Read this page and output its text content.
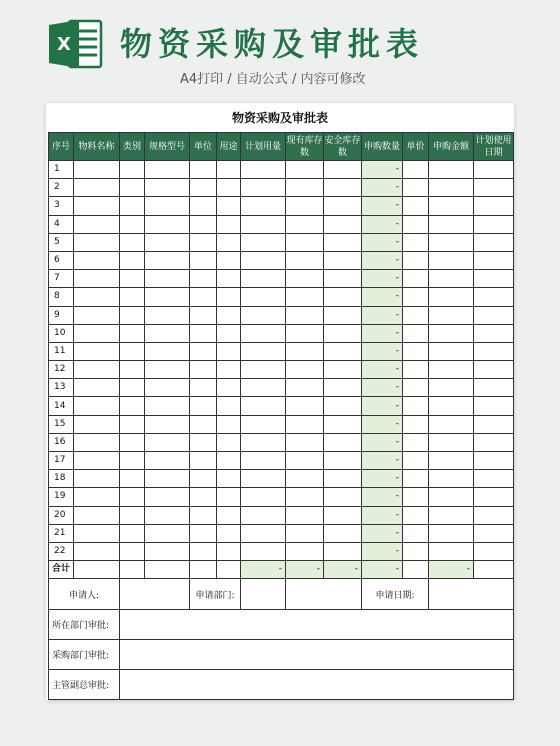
X 物资采购及审批表
A4打印 / 自动公式 / 内容可修改
物资采购及审批表
序号	物料名称	类别	规格型号	单位	用途	计划用量	现有库存数	安全库存数	申购数量	单价	申购金额	计划使用日期
1									-			
2									-			
3									-			
4									-			
5									-			
6									-			
7									-			
8									-			
9									-			
10									-			
11									-			
12									-			
13									-			
14									-			
15									-			
16									-			
17									-			
18									-			
19									-			
20									-			
21									-			
22									-			
合计						-	-	-	-		-	
申请人:		申请部门:			申请日期:	
所在部门审批:						
采购部门审批:						
主管副总审批:						
